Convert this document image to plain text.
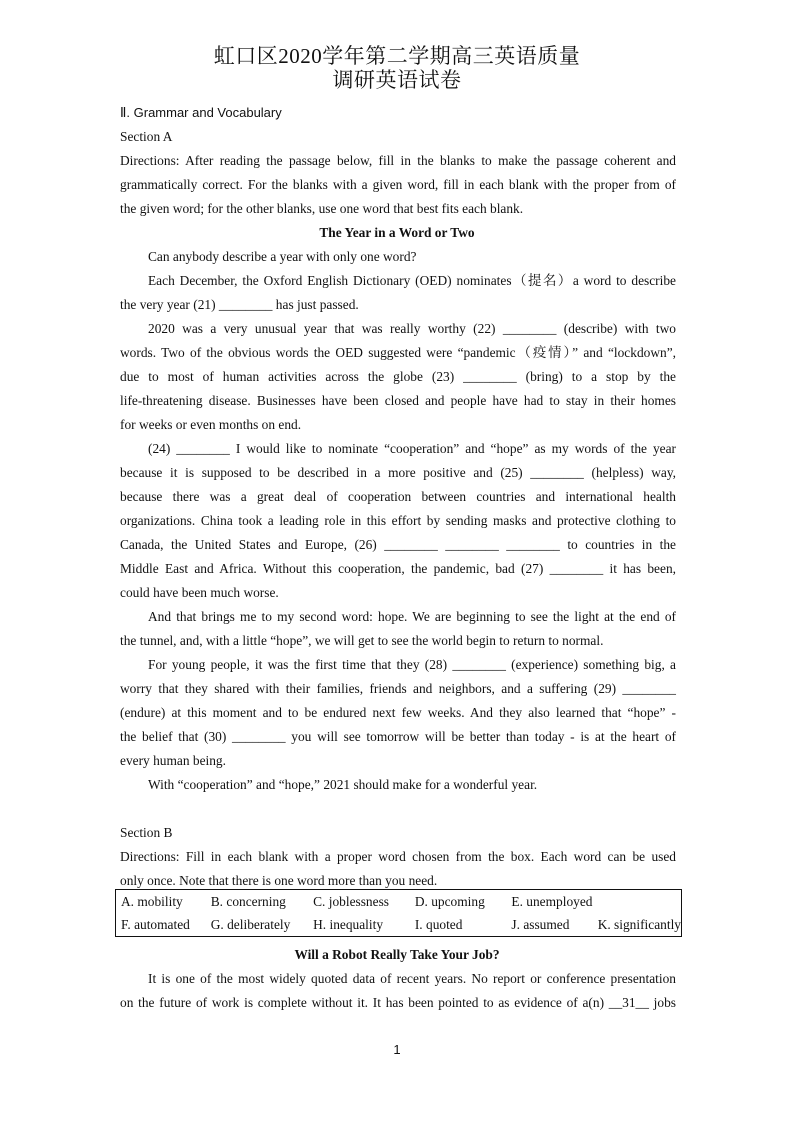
虹口区2020学年第二学期高三英语质量
调研英语试卷
Ⅱ. Grammar and Vocabulary
Section A
Directions: After reading the passage below, fill in the blanks to make the passage coherent and
grammatically correct. For the blanks with a given word, fill in each blank with the proper from of
the given word; for the other blanks, use one word that best fits each blank.
The Year in a Word or Two
Can anybody describe a year with only one word?
Each December, the Oxford English Dictionary (OED) nominates（提名）a word to describe
the very year (21) ________ has just passed.
2020 was a very unusual year that was really worthy (22) ________ (describe) with two
words. Two of the obvious words the OED suggested were “pandemic（疫情）” and “lockdown”,
due to most of human activities across the globe (23) ________ (bring) to a stop by the
life-threatening disease. Businesses have been closed and people have had to stay in their homes
for weeks or even months on end.
(24) ________ I would like to nominate “cooperation” and “hope” as my words of the year
because it is supposed to be described in a more positive and (25) ________ (helpless) way,
because there was a great deal of cooperation between countries and international health
organizations. China took a leading role in this effort by sending masks and protective clothing to
Canada, the United States and Europe, (26) ________ ________ ________ to countries in the
Middle East and Africa. Without this cooperation, the pandemic, bad (27) ________ it has been,
could have been much worse.
And that brings me to my second word: hope. We are beginning to see the light at the end of
the tunnel, and, with a little “hope”, we will get to see the world begin to return to normal.
For young people, it was the first time that they (28) ________ (experience) something big, a
worry that they shared with their families, friends and neighbors, and a suffering (29) ________
(endure) at this moment and to be endured next few weeks. And they also learned that “hope” -
the belief that (30) ________ you will see tomorrow will be better than today - is at the heart of
every human being.
With “cooperation” and “hope,” 2021 should make for a wonderful year.
Section B
Directions: Fill in each blank with a proper word chosen from the box. Each word can be used
only once. Note that there is one word more than you need.
A. mobility	B. concerning	C. joblessness	D. upcoming	E. unemployed	
F. automated	G. deliberately	H. inequality	I. quoted	J. assumed	K. significantly
Will a Robot Really Take Your Job?
It is one of the most widely quoted data of recent years. No report or conference presentation
on the future of work is complete without it. It has been pointed to as evidence of a(n) __31__ jobs
1
